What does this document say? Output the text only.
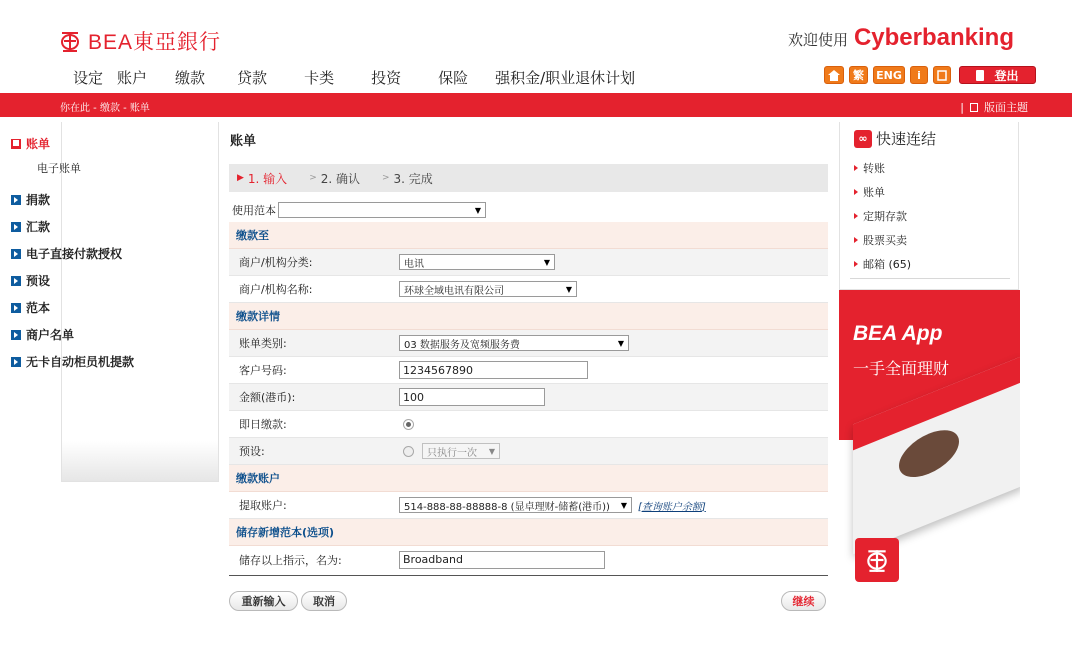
BEA東亞銀行	欢迎使用 Cyberbanking
设定 账户 缴款 贷款 卡类 投资 保险 强积金/职业退休计划	繁	ENG	i	登出
你在此 - 缴款 - 账单	| 版面主题
账单
电子账单
捐款
汇款
电子直接付款授权
预设
范本
商户名单
无卡自动柜员机提款
账单
▶ 1. 输入 > 2. 确认 > 3. 完成
使用范本	▼
缴款至
商户/机构分类:	电讯	▼
商户/机构名称:	环球全域电讯有限公司	▼
缴款详情
账单类别:	03 数据服务及宽频服务费	▼
客户号码:	1234567890
金额(港币):	100
即日缴款:
预设:	只执行一次 ▼
缴款账户
提取账户:	514-888-88-88888-8 (显卓理财-储蓄(港币)) ▼	[ 查询账户余额 ]
储存新增范本(选项)
储存以上指示，名为:	Broadband
重新输入	取消	继续
∞ 快速连结
转账
账单
定期存款
股票买卖
邮箱 (65)
BEA App
一手全面理财
